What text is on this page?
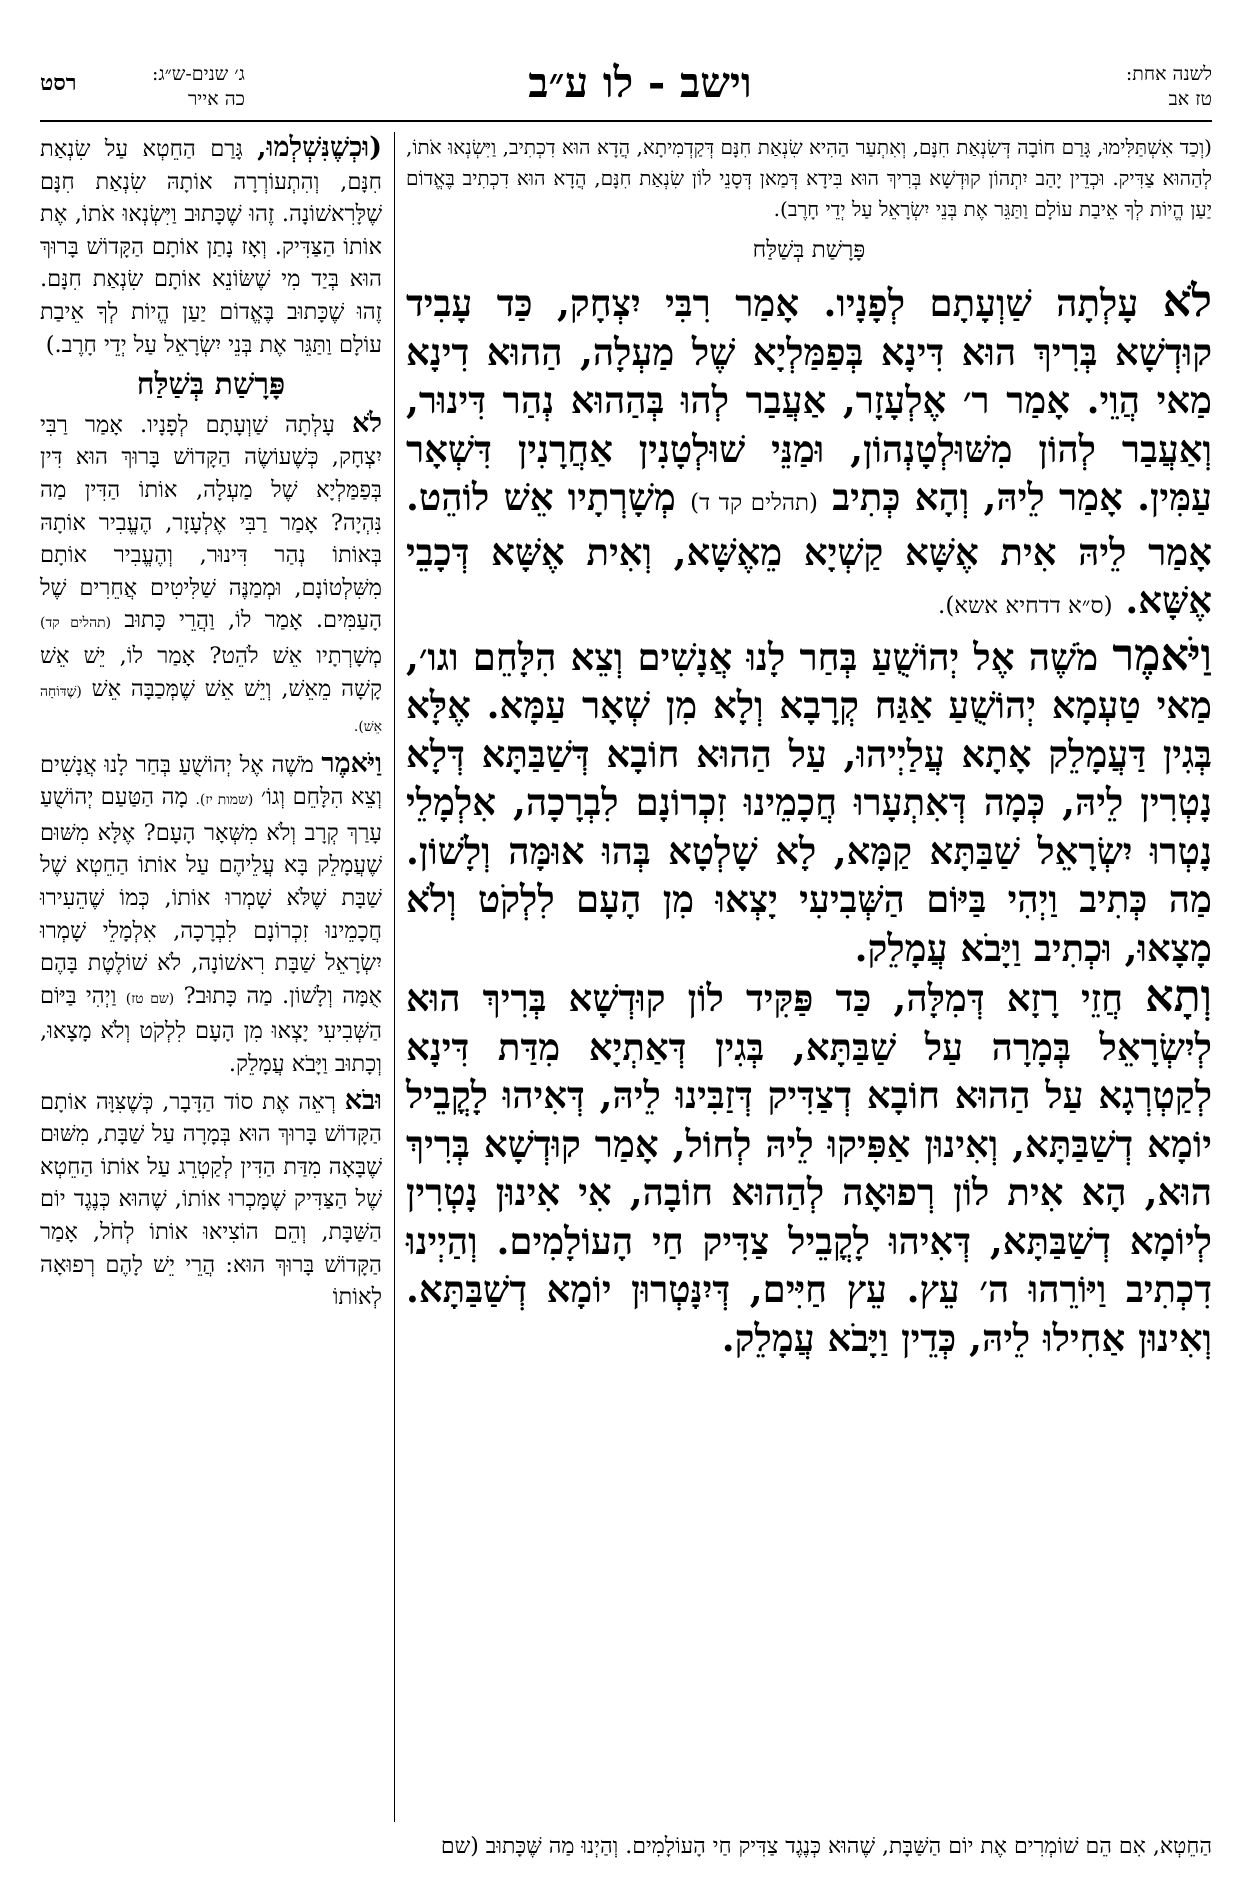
רסט	ג׳ שנים-ש״ג:
כה אייר	וישב - לו ע״ב	לשנה אחת:
טז אב

(וְכַד אִשְׁתַּלִּימוּ, גָּרַם חוֹבָה דְּשִׂנְאַת חִנָּם, וְאִתְעַר הַהִיא שִׂנְאַת חִנָּם דְּקַדְמִיתָא, הֲדָא הוּא דִכְתִיב, וַיִּשְׂנְאוּ אֹתוֹ, לְהַהוּא צַדִּיק. וּכְדֵין יָהַב יִתְהוֹן קוּדְשָׁא בְּרִיךְ הוּא בִּידָא דְּמַאן דְּסָנֵי לוֹן שִׂנְאַת חִנָּם, הֲדָא הוּא דִכְתִיב בֶּאֱדוֹם יַעַן הֱיוֹת לְךָ אֵיבַת עוֹלָם וַתַּגֵּר אֶת בְּנֵי יִשְׂרָאֵל עַל יְדֵי חָרֶב).

פָּרָשַׁת בְּשַׁלַּח

לֹא עָלְתָה שַׁוְעָתָם לְפָנָיו. אָמַר רִבִּי יִצְחָק, כַּד עָבִיד קוּדְשָׁא בְּרִיךְ הוּא דִּינָא בְּפַמַּלְיָא שֶׁל מַעְלָה, הַהוּא דִינָא מַאי הֲוֵי. אָמַר ר׳ אֶלְעָזָר, אַעֲבַר לְהוּ בְּהַהוּא נְהַר דִּינוּר, וְאַעֲבַר לְהוֹן מִשּׁוּלְטָנְהוֹן, וּמַנֵּי שׁוּלְטָנִין אַחֲרָנִין דִּשְׁאָר עַמִּין. אָמַר לֵיהּ, וְהָא כְּתִיב (תהלים קד ד) מְשָׁרְתָיו אֵשׁ לוֹהֵט. אָמַר לֵיהּ אִית אֶשָּׁא קַשְׁיָא מֵאֶשָּׁא, וְאִית אֶשָּׁא דְּכָבֵי אֶשָּׁא. (ס״א דדחיא אשא).

וַיֹּאמֶר מֹשֶׁה אֶל יְהוֹשֻׁעַ בְּחַר לָנוּ אֲנָשִׁים וְצֵא הִלָּחֵם וגו׳, מַאי טַעְמָא יְהוֹשֻׁעַ אַגַּח קְרָבָא וְלָא מִן שְׁאָר עַמָּא. אֶלָּא בְּגִין דַּעֲמָלֵק אָתָא עֲלַיְיהוּ, עַל הַהוּא חוֹבָא דְּשַׁבַּתָּא דְּלָא נָטְרִין לֵיהּ, כְּמָה דְּאִתְעָרוּ חֲכָמֵינוּ זִכְרוֹנָם לִבְרָכָה, אִלְמָלֵי נָטְרוּ יִשְׂרָאֵל שַׁבַּתָּא קַמָּא, לָא שָׁלְטָא בְּהוּ אוּמָּה וְלָשׁוֹן. מַה כְּתִיב וַיְהִי בַּיּוֹם הַשְּׁבִיעִי יָצְאוּ מִן הָעָם לִלְקֹט וְלֹא מָצָאוּ, וּכְתִיב וַיָּבֹא עֲמָלֵק.

וְתָא חֲזֵי רָזָא דְּמִלָּה, כַּד פַּקִּיד לוֹן קוּדְשָׁא בְּרִיךְ הוּא לְיִשְׂרָאֵל בְּמָרָה עַל שַׁבַּתָּא, בְּגִין דְּאַתְיָא מִדַּת דִּינָא לְקַטְרְגָא עַל הַהוּא חוֹבָא דְצַדִּיק דְּזַבִּינוּ לֵיהּ, דְּאִיהוּ לָקֳבֵיל יוֹמָא דְשַׁבַּתָּא, וְאִינוּן אַפִּיקוּ לֵיהּ לְחוֹל, אָמַר קוּדְשָׁא בְּרִיךְ הוּא, הָא אִית לוֹן רְפוּאָה לְהַהוּא חוֹבָה, אִי אִינוּן נָטְרִין לְיוֹמָא דְשַׁבַּתָּא, דְּאִיהוּ לָקֳבֵיל צַדִּיק חַי הָעוֹלָמִים. וְהַיְינוּ דִכְתִיב וַיּוֹרֵהוּ ה׳ עֵץ. עֵץ חַיִּים, דְּיִנָּטְרוּן יוֹמָא דְשַׁבַּתָּא. וְאִינוּן אַחִילוּ לֵיהּ, כְּדֵין וַיָּבֹא עֲמָלֵק.

(וּכְשֶׁנִּשְׁלְמוּ, גָּרַם הַחֵטְא עַל שִׂנְאַת חִנָּם, וְהִתְעוֹרְרָה אוֹתָהּ שִׂנְאַת חִנָּם שֶׁלָּרִאשׁוֹנָה. זֶהוּ שֶׁכָּתוּב וַיִּשְׂנְאוּ אֹתוֹ, אֶת אוֹתוֹ הַצַּדִּיק. וְאָז נָתַן אוֹתָם הַקָּדוֹשׁ בָּרוּךְ הוּא בְּיַד מִי שֶׁשּׂוֹנֵא אוֹתָם שִׂנְאַת חִנָּם. זֶהוּ שֶׁכָּתוּב בֶּאֱדוֹם יַעַן הֱיוֹת לְךָ אֵיבַת עוֹלָם וַתַּגֵּר אֶת בְּנֵי יִשְׂרָאֵל עַל יְדֵי חָרֶב.)

פָּרָשַׁת בְּשַׁלַּח

לֹא עָלְתָה שַׁוְעָתָם לְפָנָיו. אָמַר רַבִּי יִצְחָק, כְּשֶׁעוֹשֶׂה הַקָּדוֹשׁ בָּרוּךְ הוּא דִּין בְּפַמַּלְיָא שֶׁל מַעְלָה, אוֹתוֹ הַדִּין מַה נִּהְיָה? אָמַר רַבִּי אֶלְעָזָר, הֶעֱבִיר אוֹתָהּ בְּאוֹתוֹ נְהַר דִּינוּר, וְהֶעֱבִיר אוֹתָם מִשִּׁלְטוֹנָם, וּמְמַנֶּה שַׁלִּיטִים אֲחֵרִים שֶׁל הָעַמִּים. אָמַר לוֹ, וַהֲרֵי כָּתוּב (תהלים קד) מְשָׁרְתָיו אֵשׁ לֹהֵט? אָמַר לוֹ, יֵשׁ אֵשׁ קָשָׁה מֵאֵשׁ, וְיֵשׁ אֵשׁ שֶׁמְּכַבָּה אֵשׁ (שֶׁדּוֹחָה אֵשׁ).

וַיֹּאמֶר מֹשֶׁה אֶל יְהוֹשֻׁעַ בְּחַר לָנוּ אֲנָשִׁים וְצֵא הִלָּחֵם וְגוֹ׳ (שמות יז). מָה הַטַּעַם יְהוֹשֻׁעַ עָרַךְ קְרָב וְלֹא מִשְּׁאָר הָעָם? אֶלָּא מִשּׁוּם שֶׁעֲמָלֵק בָּא עֲלֵיהֶם עַל אוֹתוֹ הַחֵטְא שֶׁל שַׁבָּת שֶׁלֹּא שָׁמְרוּ אוֹתוֹ, כְּמוֹ שֶׁהֵעִירוּ חֲכָמֵינוּ זִכְרוֹנָם לִבְרָכָה, אִלְמָלֵי שָׁמְרוּ יִשְׂרָאֵל שַׁבָּת רִאשׁוֹנָה, לֹא שׁוֹלֶטֶת בָּהֶם אֻמָּה וְלָשׁוֹן. מַה כָּתוּב? (שם טז) וַיְהִי בַּיּוֹם הַשְּׁבִיעִי יָצְאוּ מִן הָעָם לִלְקֹט וְלֹא מָצָאוּ, וְכָתוּב וַיָּבֹא עֲמָלֵק.

וּבֹא רְאֵה אֶת סוֹד הַדָּבָר, כְּשֶׁצִּוָּה אוֹתָם הַקָּדוֹשׁ בָּרוּךְ הוּא בְּמָרָה עַל שַׁבָּת, מִשּׁוּם שֶׁבָּאָה מִדַּת הַדִּין לְקַטְרֵג עַל אוֹתוֹ הַחֵטְא שֶׁל הַצַּדִּיק שֶׁמָּכְרוּ אוֹתוֹ, שֶׁהוּא כְּנֶגֶד יוֹם הַשַּׁבָּת, וְהֵם הוֹצִיאוּ אוֹתוֹ לְחֹל, אָמַר הַקָּדוֹשׁ בָּרוּךְ הוּא: הֲרֵי יֵשׁ לָהֶם רְפוּאָה לְאוֹתוֹ

הַחֵטְא, אִם הֵם שׁוֹמְרִים אֶת יוֹם הַשַּׁבָּת, שֶׁהוּא כְּנֶגֶד צַדִּיק חַי הָעוֹלָמִים. וְהַיְנוּ מַה שֶּׁכָּתוּב (שם
